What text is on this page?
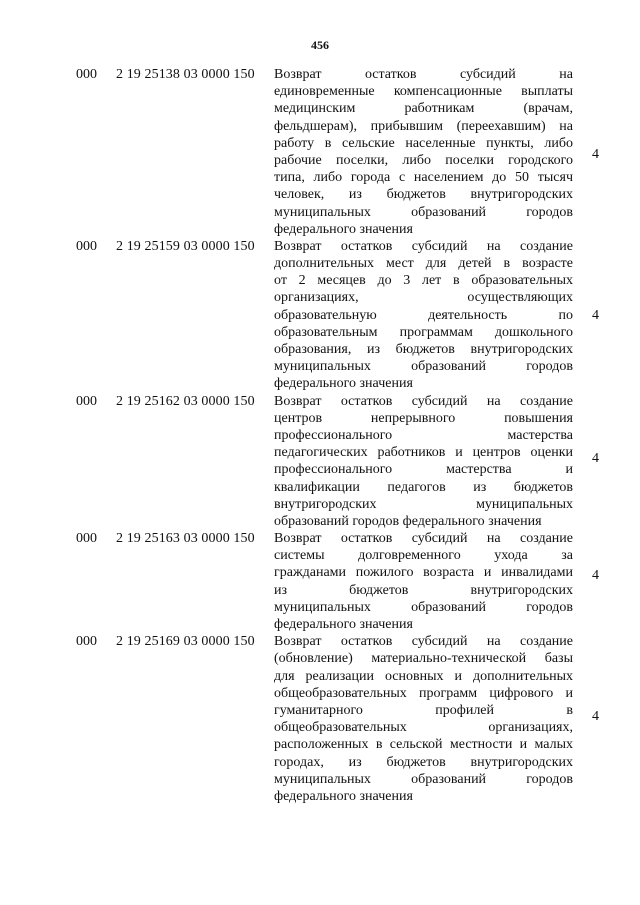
456
000 2 19 25138 03 0000 150 Возврат остатков субсидий на
единовременные компенсационные выплаты
медицинским работникам (врачам,
фельдшерам), прибывшим (переехавшим) на
работу в сельские населенные пункты, либо
рабочие поселки, либо поселки городского
типа, либо города с населением до 50 тысяч
человек, из бюджетов внутригородских
муниципальных образований городов
федерального значения
4
000 2 19 25159 03 0000 150 Возврат остатков субсидий на создание
дополнительных мест для детей в возрасте
от 2 месяцев до 3 лет в образовательных
организациях, осуществляющих
образовательную деятельность по
образовательным программам дошкольного
образования, из бюджетов внутригородских
муниципальных образований городов
федерального значения
4
000 2 19 25162 03 0000 150 Возврат остатков субсидий на создание
центров непрерывного повышения
профессионального мастерства
педагогических работников и центров оценки
профессионального мастерства и
квалификации педагогов из бюджетов
внутригородских муниципальных
образований городов федерального значения
4
000 2 19 25163 03 0000 150 Возврат остатков субсидий на создание
системы долговременного ухода за
гражданами пожилого возраста и инвалидами
из бюджетов внутригородских
муниципальных образований городов
федерального значения
4
000 2 19 25169 03 0000 150 Возврат остатков субсидий на создание
(обновление) материально-технической базы
для реализации основных и дополнительных
общеобразовательных программ цифрового и
гуманитарного профилей в
общеобразовательных организациях,
расположенных в сельской местности и малых
городах, из бюджетов внутригородских
муниципальных образований городов
федерального значения
4
